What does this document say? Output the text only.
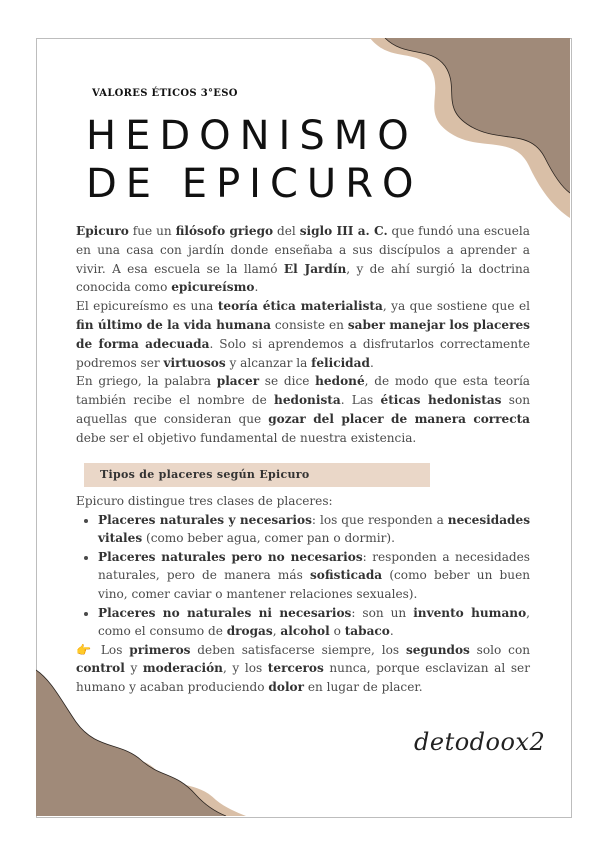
VALORES ÉTICOS 3°ESO
HEDONISMO
DE EPICURO

Epicuro fue un filósofo griego del siglo III a. C. que fundó una escuela en una casa con jardín donde enseñaba a sus discípulos a aprender a vivir. A esa escuela se la llamó El Jardín, y de ahí surgió la doctrina conocida como epicureísmo.

El epicureísmo es una teoría ética materialista, ya que sostiene que el fin último de la vida humana consiste en saber manejar los placeres de forma adecuada. Solo si aprendemos a disfrutarlos correctamente podremos ser virtuosos y alcanzar la felicidad.

En griego, la palabra placer se dice hedoné, de modo que esta teoría también recibe el nombre de hedonista. Las éticas hedonistas son aquellas que consideran que gozar del placer de manera correcta debe ser el objetivo fundamental de nuestra existencia.

Tipos de placeres según Epicuro

Epicuro distingue tres clases de placeres:

• Placeres naturales y necesarios: los que responden a necesidades vitales (como beber agua, comer pan o dormir).
• Placeres naturales pero no necesarios: responden a necesidades naturales, pero de manera más sofisticada (como beber un buen vino, comer caviar o mantener relaciones sexuales).
• Placeres no naturales ni necesarios: son un invento humano, como el consumo de drogas, alcohol o tabaco.

👉 Los primeros deben satisfacerse siempre, los segundos solo con control y moderación, y los terceros nunca, porque esclavizan al ser humano y acaban produciendo dolor en lugar de placer.

detodoox2
